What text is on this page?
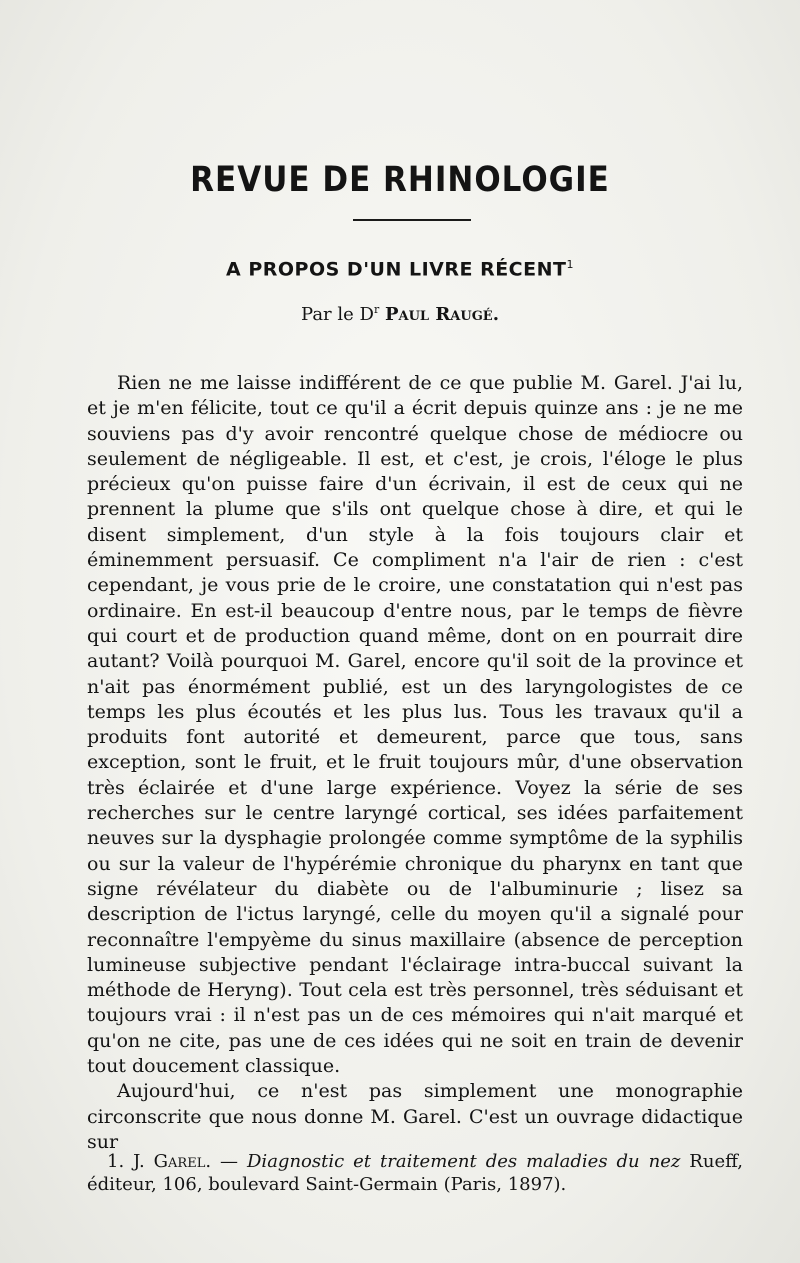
REVUE DE RHINOLOGIE
A PROPOS D'UN LIVRE RÉCENT$^1$
Par le $D^r$ Paul Raugé.

Rien ne me laisse indifférent de ce que publie M. Garel. J'ai lu, et je m'en félicite, tout ce qu'il a écrit depuis quinze ans : je ne me souviens pas d'y avoir rencontré quelque chose de médiocre ou seulement de négligeable. Il est, et c'est, je crois, l'éloge le plus précieux qu'on puisse faire d'un écrivain, il est de ceux qui ne prennent la plume que s'ils ont quelque chose à dire, et qui le disent simplement, d'un style à la fois toujours clair et éminemment persuasif. Ce compliment n'a l'air de rien : c'est cependant, je vous prie de le croire, une constatation qui n'est pas ordinaire. En est-il beaucoup d'entre nous, par le temps de fièvre qui court et de production quand même, dont on en pourrait dire autant? Voilà pourquoi M. Garel, encore qu'il soit de la province et n'ait pas énormément publié, est un des laryngologistes de ce temps les plus écoutés et les plus lus. Tous les travaux qu'il a produits font autorité et demeurent, parce que tous, sans exception, sont le fruit, et le fruit toujours mûr, d'une observation très éclairée et d'une large expérience. Voyez la série de ses recherches sur le centre laryngé cortical, ses idées parfaitement neuves sur la dysphagie prolongée comme symptôme de la syphilis ou sur la valeur de l'hypérémie chronique du pharynx en tant que signe révélateur du diabète ou de l'albuminurie ; lisez sa description de l'ictus laryngé, celle du moyen qu'il a signalé pour reconnaître l'empyème du sinus maxillaire (absence de perception lumineuse subjective pendant l'éclairage intra-buccal suivant la méthode de Heryng). Tout cela est très personnel, très séduisant et toujours vrai : il n'est pas un de ces mémoires qui n'ait marqué et qu'on ne cite, pas une de ces idées qui ne soit en train de devenir tout doucement classique.

Aujourd'hui, ce n'est pas simplement une monographie circonscrite que nous donne M. Garel. C'est un ouvrage didactique sur

1. J. Garel. — Diagnostic et traitement des maladies du nez Rueff, éditeur, 106, boulevard Saint-Germain (Paris, 1897).
